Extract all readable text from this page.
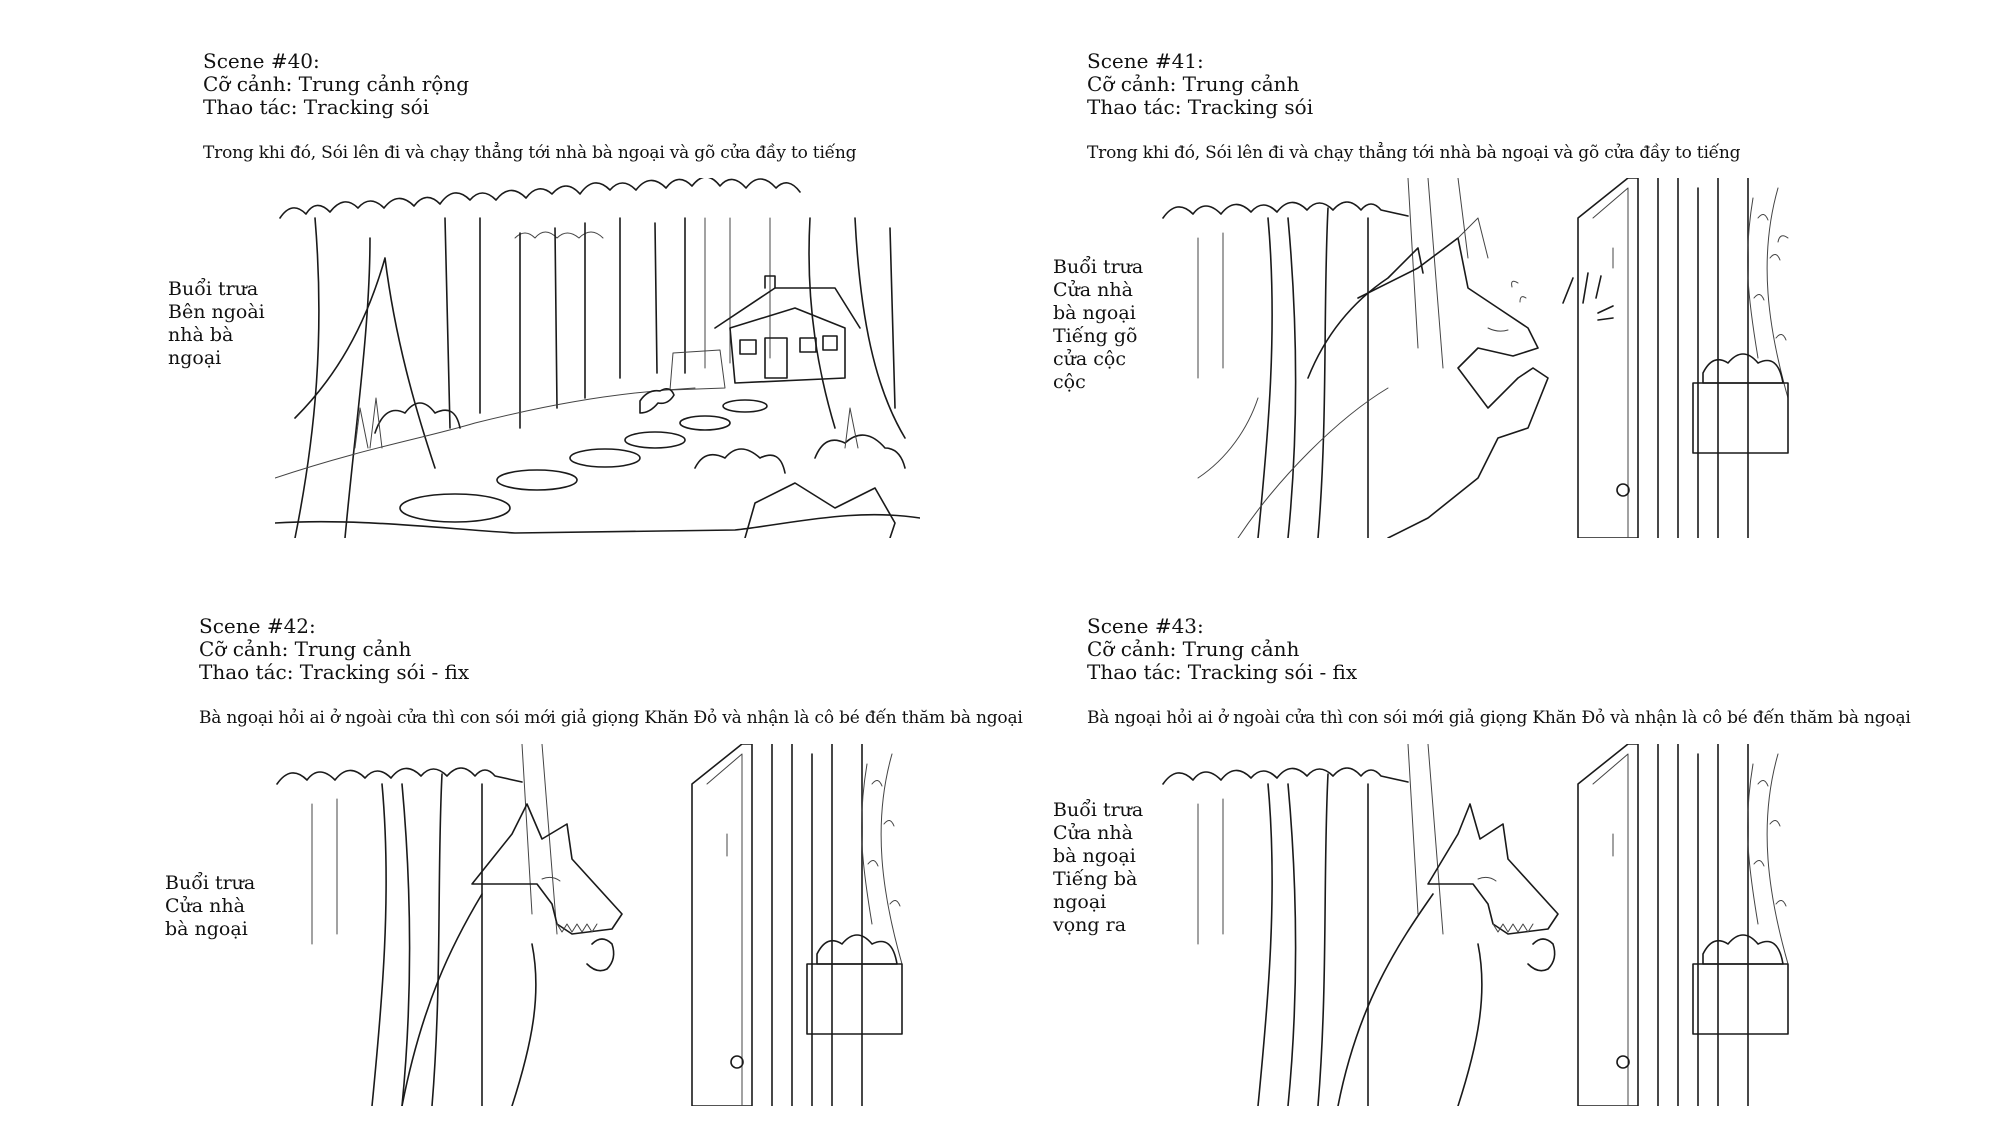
Scene #40:
Cỡ cảnh: Trung cảnh rộng
Thao tác: Tracking sói
Trong khi đó, Sói lên đi và chạy thẳng tới nhà bà ngoại và gõ cửa đầy to tiếng
Buổi trưa
Bên ngoài nhà bà ngoại
Scene #41:
Cỡ cảnh: Trung cảnh
Thao tác: Tracking sói
Trong khi đó, Sói lên đi và chạy thẳng tới nhà bà ngoại và gõ cửa đầy to tiếng
Buổi trưa
Cửa nhà bà ngoại
Tiếng gõ cửa cộc cộc
Scene #42:
Cỡ cảnh: Trung cảnh
Thao tác: Tracking sói - fix
Bà ngoại hỏi ai ở ngoài cửa thì con sói mới giả giọng Khăn Đỏ và nhận là cô bé đến thăm bà ngoại
Buổi trưa
Cửa nhà bà ngoại
Scene #43:
Cỡ cảnh: Trung cảnh
Thao tác: Tracking sói - fix
Bà ngoại hỏi ai ở ngoài cửa thì con sói mới giả giọng Khăn Đỏ và nhận là cô bé đến thăm bà ngoại
Buổi trưa
Cửa nhà bà ngoại
Tiếng bà ngoại vọng ra
